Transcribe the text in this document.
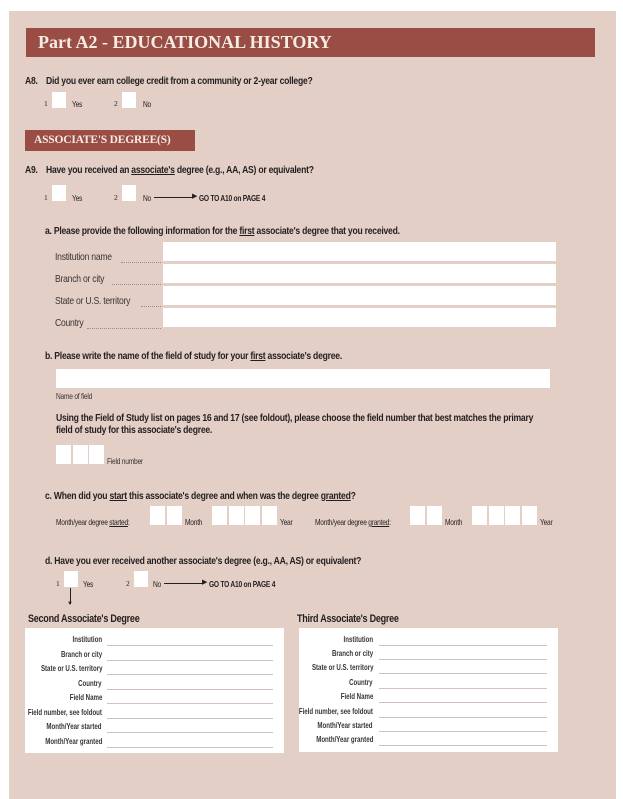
Part A2 - EDUCATIONAL HISTORY
A8. Did you ever earn college credit from a community or 2-year college?
1	Yes	2	No
ASSOCIATE'S DEGREE(S)
A9. Have you received an associate's degree (e.g., AA, AS) or equivalent?
1	Yes	2	No	▶ GO TO A10 on PAGE 4
a. Please provide the following information for the first associate's degree that you received.
Institution name
Branch or city
State or U.S. territory
Country
b. Please write the name of the field of study for your first associate's degree.
Name of field
Using the Field of Study list on pages 16 and 17 (see foldout), please choose the field number that best matches the primary
field of study for this associate's degree.
Field number
c. When did you start this associate's degree and when was the degree granted?
Month/year degree started:	Month	Year	Month/year degree granted:	Month	Year
d. Have you ever received another associate's degree (e.g., AA, AS) or equivalent?
1	Yes	2	No	▶ GO TO A10 on PAGE 4
▼
Second Associate's Degree
Institution
Branch or city
State or U.S. territory
Country
Field Name
Field number, see foldout
Month/Year started
Month/Year granted
Third Associate's Degree
Institution
Branch or city
State or U.S. territory
Country
Field Name
Field number, see foldout
Month/Year started
Month/Year granted
